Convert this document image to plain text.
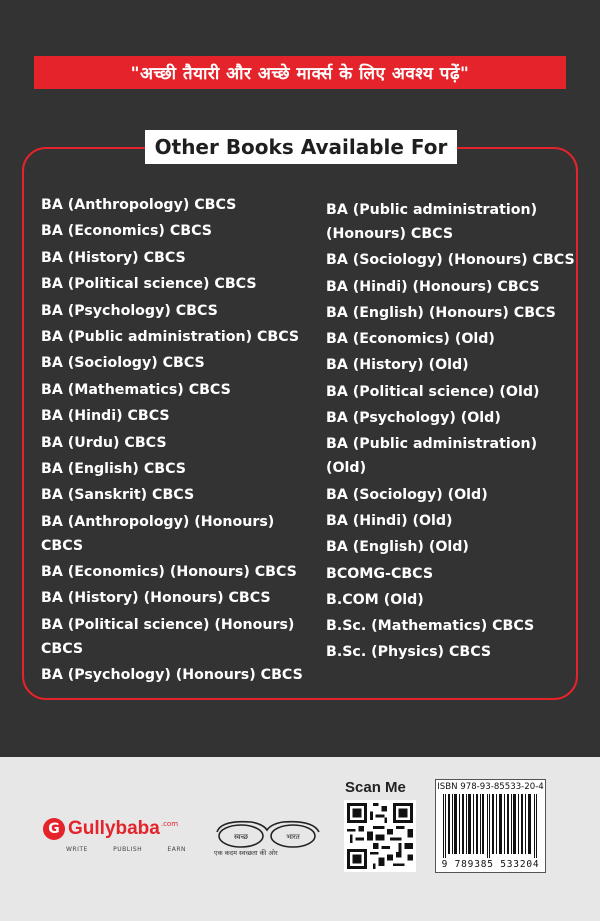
"अच्छी तैयारी और अच्छे मार्क्स के लिए अवश्य पढ़ें"
Other Books Available For
BA (Anthropology) CBCS
BA (Economics) CBCS
BA (History) CBCS
BA (Political science) CBCS
BA (Psychology) CBCS
BA (Public administration) CBCS
BA (Sociology) CBCS
BA (Mathematics) CBCS
BA (Hindi) CBCS
BA (Urdu) CBCS
BA (English) CBCS
BA (Sanskrit) CBCS
BA (Anthropology) (Honours) CBCS
BA (Economics) (Honours) CBCS
BA (History) (Honours) CBCS
BA (Political science) (Honours) CBCS
BA (Psychology) (Honours) CBCS
BA (Public administration) (Honours) CBCS
BA (Sociology) (Honours) CBCS
BA (Hindi) (Honours) CBCS
BA (English) (Honours) CBCS
BA (Economics) (Old)
BA (History) (Old)
BA (Political science) (Old)
BA (Psychology) (Old)
BA (Public administration) (Old)
BA (Sociology) (Old)
BA (Hindi) (Old)
BA (English) (Old)
BCOMG-CBCS
B.COM (Old)
B.Sc. (Mathematics) CBCS
B.Sc. (Physics) CBCS
G Gullybaba .com
WRITE	PUBLISH	EARN
स्वच्छ	भारत
एक कदम स्वच्छता की ओर
Scan Me	ISBN 978-93-85533-20-4
9 789385 533204
